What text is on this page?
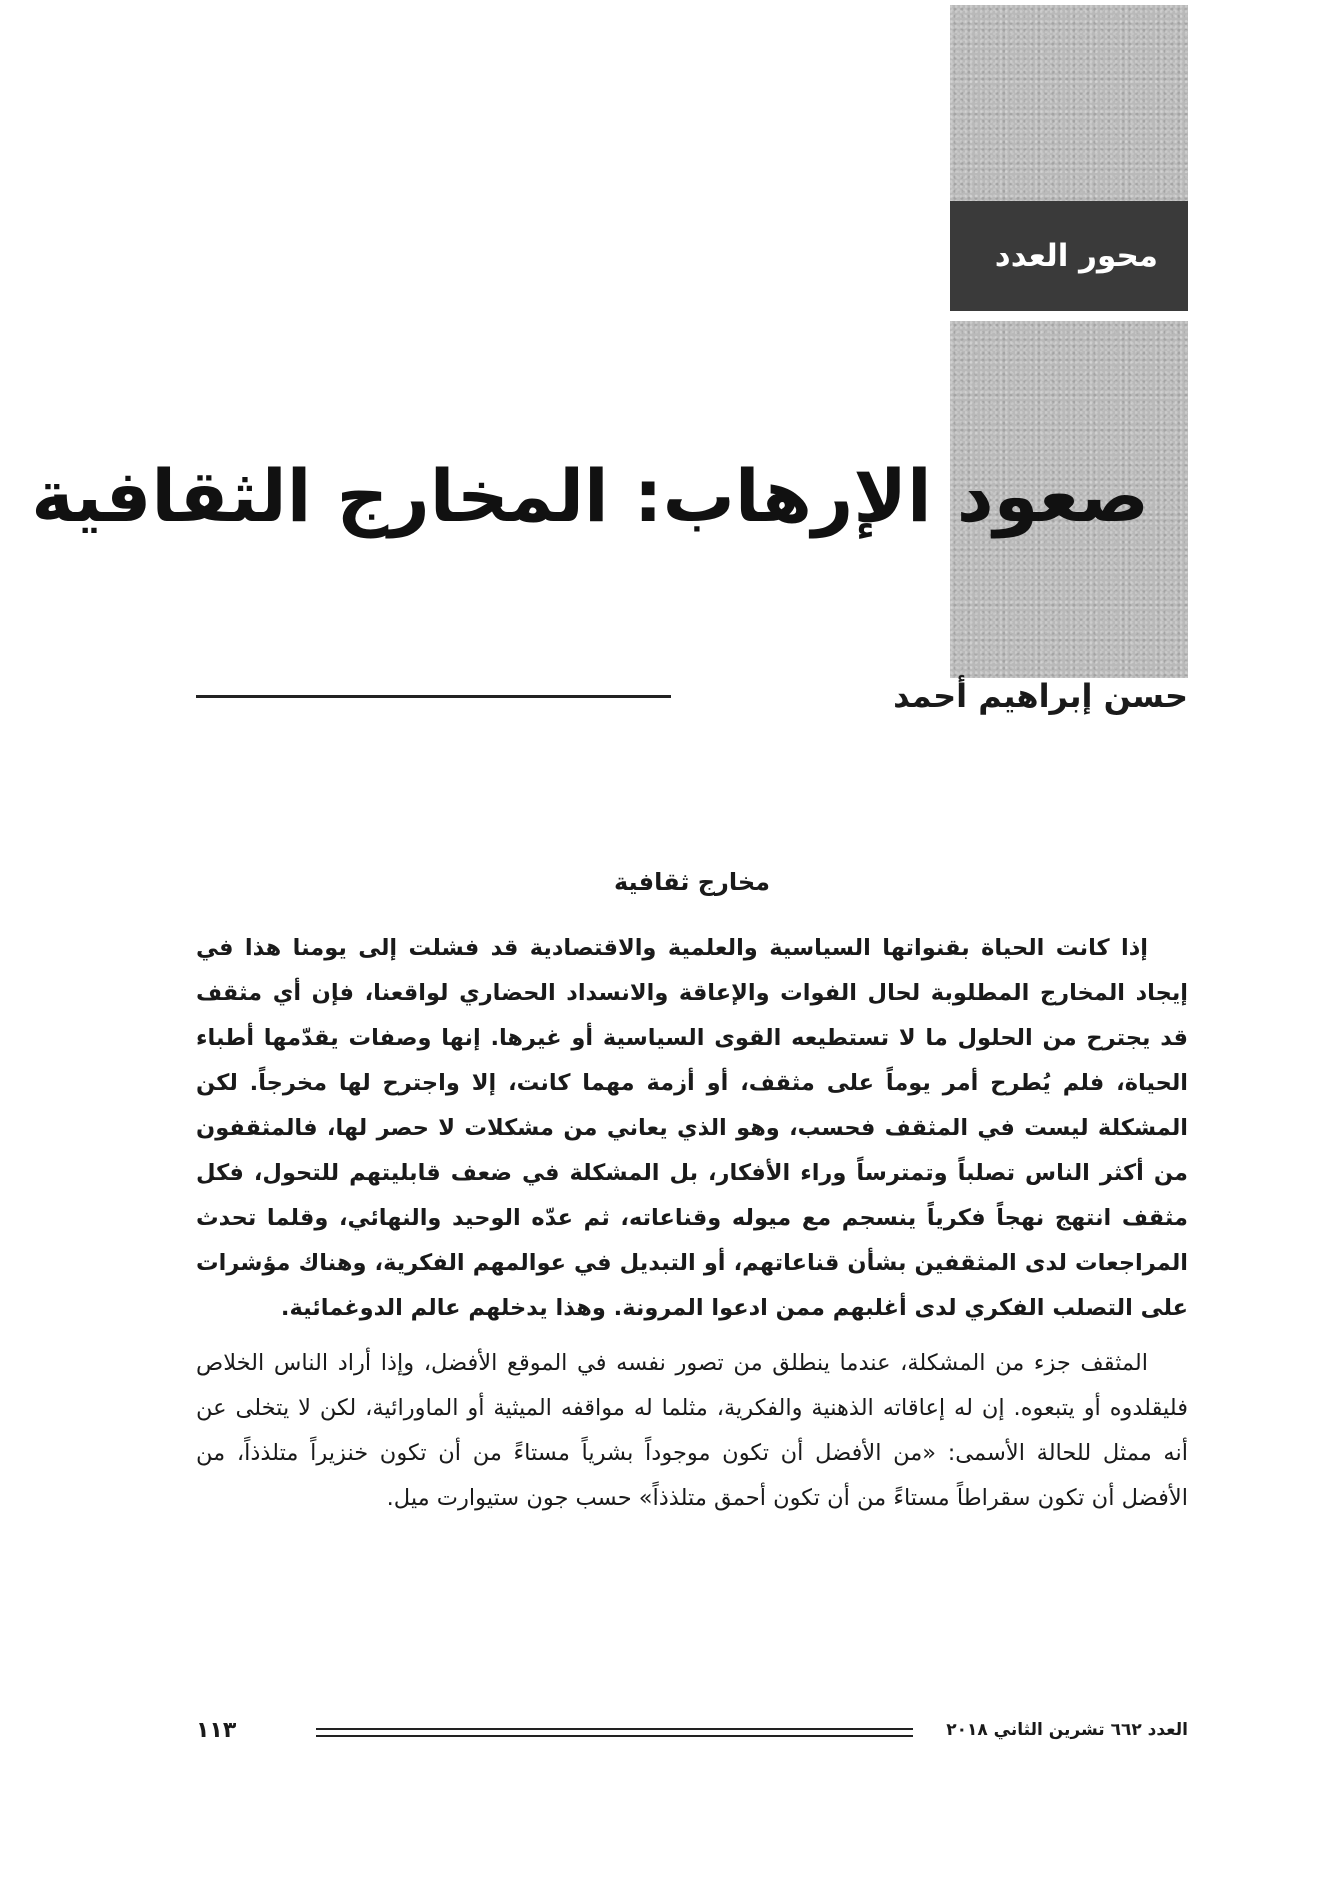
محور العدد
صعود الإرهاب: المخارج الثقافية
حسن إبراهيم أحمد
مخارج ثقافية

إذا كانت الحياة بقنواتها السياسية والعلمية والاقتصادية قد فشلت إلى يومنا هذا في إيجاد المخارج المطلوبة لحال الفوات والإعاقة والانسداد الحضاري لواقعنا، فإن أي مثقف قد يجترح من الحلول ما لا تستطيعه القوى السياسية أو غيرها. إنها وصفات يقدّمها أطباء الحياة، فلم يُطرح أمر يوماً على مثقف، أو أزمة مهما كانت، إلا واجترح لها مخرجاً. لكن المشكلة ليست في المثقف فحسب، وهو الذي يعاني من مشكلات لا حصر لها، فالمثقفون من أكثر الناس تصلباً وتمترساً وراء الأفكار، بل المشكلة في ضعف قابليتهم للتحول، فكل مثقف انتهج نهجاً فكرياً ينسجم مع ميوله وقناعاته، ثم عدّه الوحيد والنهائي، وقلما تحدث المراجعات لدى المثقفين بشأن قناعاتهم، أو التبديل في عوالمهم الفكرية، وهناك مؤشرات على التصلب الفكري لدى أغلبهم ممن ادعوا المرونة. وهذا يدخلهم عالم الدوغمائية.

المثقف جزء من المشكلة، عندما ينطلق من تصور نفسه في الموقع الأفضل، وإذا أراد الناس الخلاص فليقلدوه أو يتبعوه. إن له إعاقاته الذهنية والفكرية، مثلما له مواقفه الميثية أو الماورائية، لكن لا يتخلى عن أنه ممثل للحالة الأسمى: «من الأفضل أن تكون موجوداً بشرياً مستاءً من أن تكون خنزيراً متلذذاً، من الأفضل أن تكون سقراطاً مستاءً من أن تكون أحمق متلذذاً» حسب جون ستيوارت ميل.

العدد ٦٦٢ تشرين الثاني ٢٠١٨
١١٣
